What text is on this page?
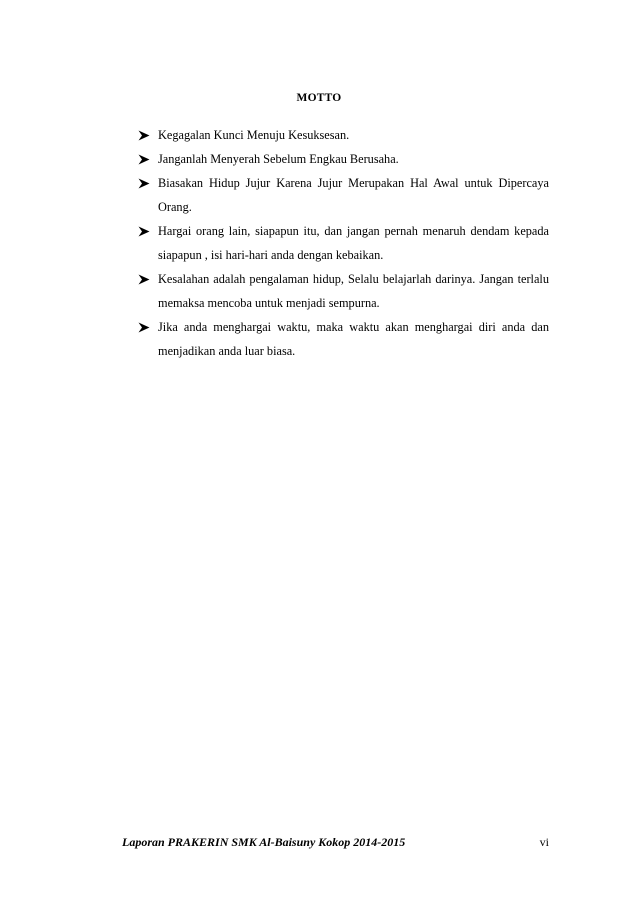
MOTTO
Kegagalan Kunci Menuju Kesuksesan.
Janganlah Menyerah Sebelum Engkau Berusaha.
Biasakan Hidup Jujur Karena Jujur Merupakan Hal Awal untuk Dipercaya Orang.
Hargai orang lain, siapapun itu, dan jangan pernah menaruh dendam kepada siapapun , isi hari-hari anda dengan kebaikan.
Kesalahan adalah pengalaman hidup, Selalu belajarlah darinya. Jangan terlalu memaksa mencoba untuk menjadi sempurna.
Jika anda menghargai waktu, maka waktu akan menghargai diri anda dan menjadikan anda luar biasa.
Laporan PRAKERIN SMK Al-Baisuny Kokop 2014-2015	vi
